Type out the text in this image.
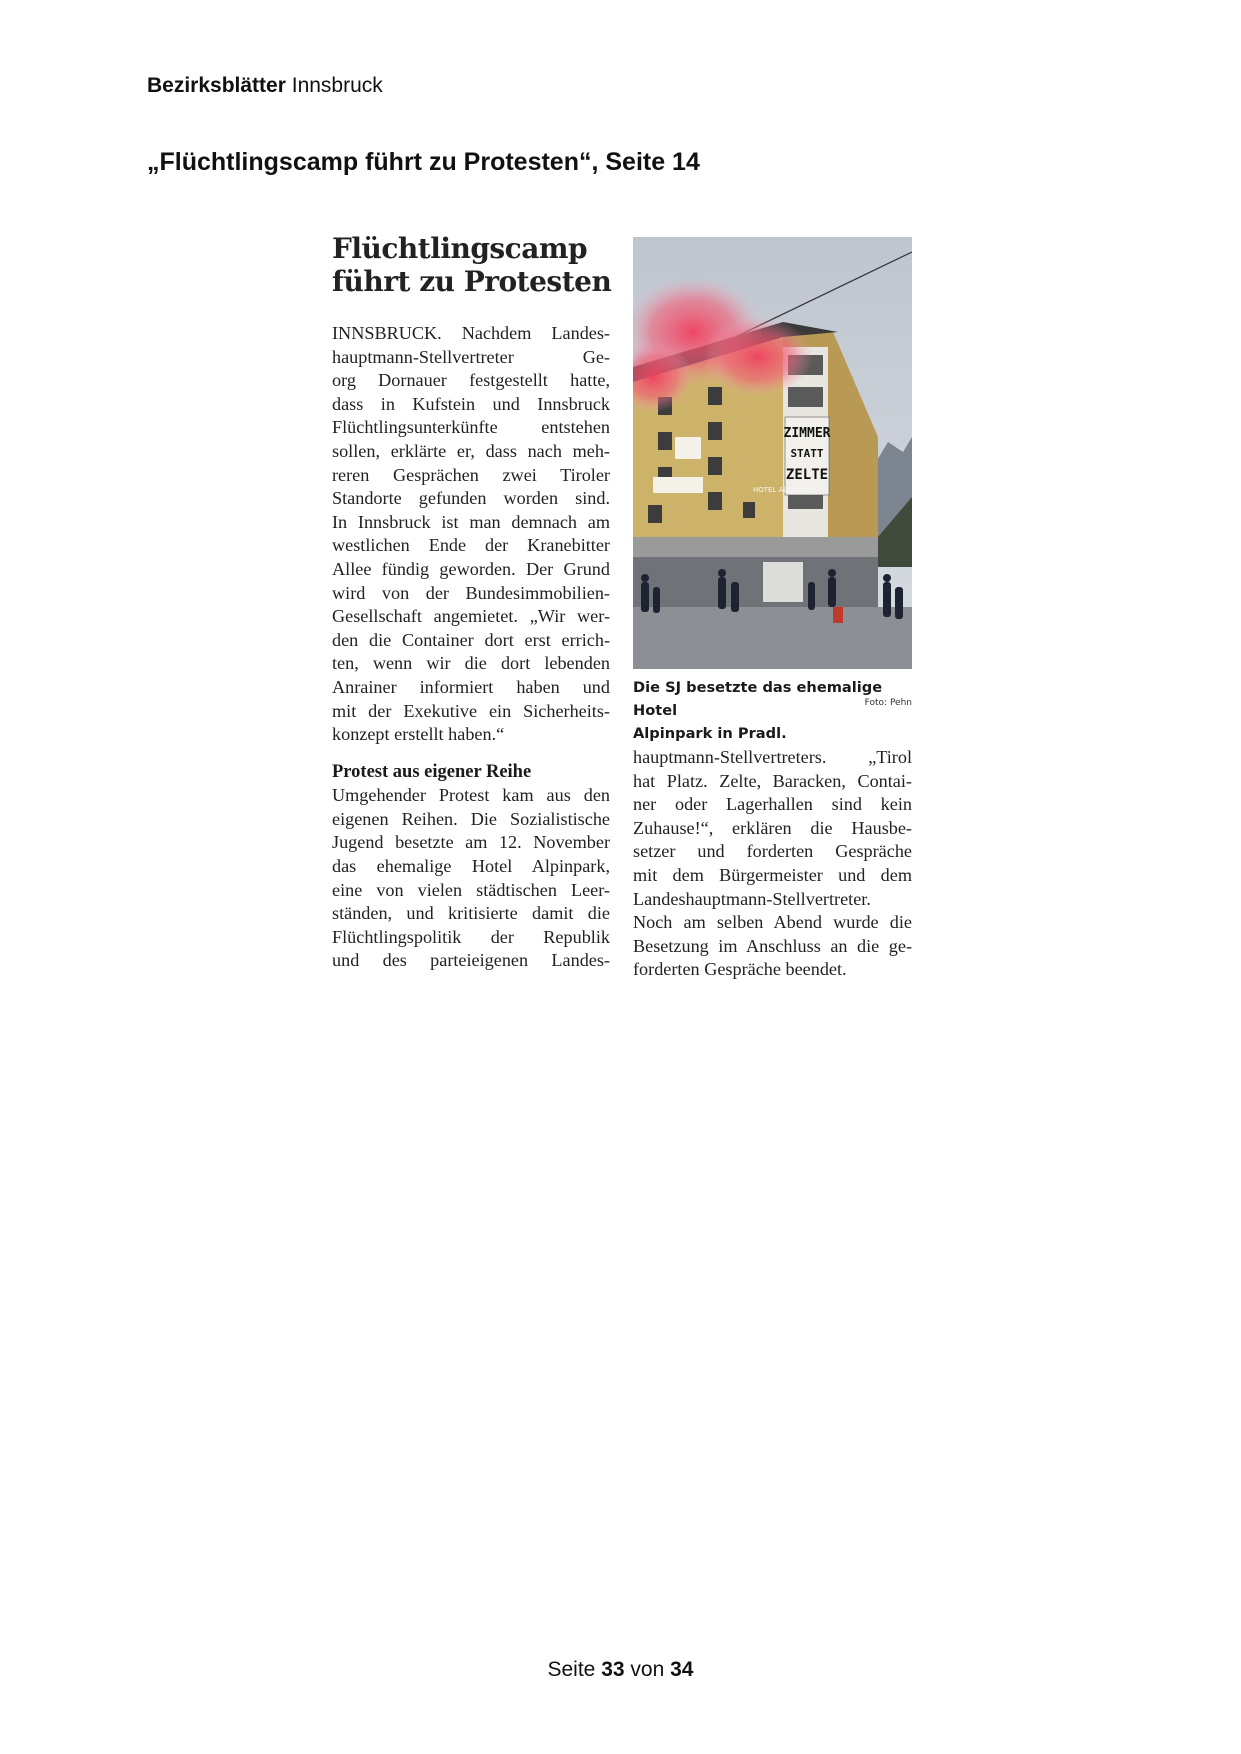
Bezirksblätter Innsbruck
„Flüchtlingscamp führt zu Protesten“, Seite 14
Flüchtlingscamp
führt zu Protesten
INNSBRUCK. Nachdem Landes-
hauptmann-Stellvertreter Ge-
org Dornauer festgestellt hatte,
dass in Kufstein und Innsbruck
Flüchtlingsunterkünfte entstehen
sollen, erklärte er, dass nach meh-
reren Gesprächen zwei Tiroler
Standorte gefunden worden sind.
In Innsbruck ist man demnach am
westlichen Ende der Kranebitter
Allee fündig geworden. Der Grund
wird von der Bundesimmobilien-
Gesellschaft angemietet. „Wir wer-
den die Container dort erst errich-
ten, wenn wir die dort lebenden
Anrainer informiert haben und
mit der Exekutive ein Sicherheits-
konzept erstellt haben.“
Protest aus eigener Reihe
Umgehender Protest kam aus den
eigenen Reihen. Die Sozialistische
Jugend besetzte am 12. November
das ehemalige Hotel Alpinpark,
eine von vielen städtischen Leer-
ständen, und kritisierte damit die
Flüchtlingspolitik der Republik
und des parteieigenen Landes-
ZIMMER
STATT
ZELTE
HOTEL ALPINPARK
Die SJ besetzte das ehemalige Hotel
Alpinpark in Pradl.
Foto: Pehn
hauptmann-Stellvertreters. „Tirol
hat Platz. Zelte, Baracken, Contai-
ner oder Lagerhallen sind kein
Zuhause!“, erklären die Hausbe-
setzer und forderten Gespräche
mit dem Bürgermeister und dem
Landeshauptmann-Stellvertreter.
Noch am selben Abend wurde die
Besetzung im Anschluss an die ge-
forderten Gespräche beendet.
Seite 33 von 34
